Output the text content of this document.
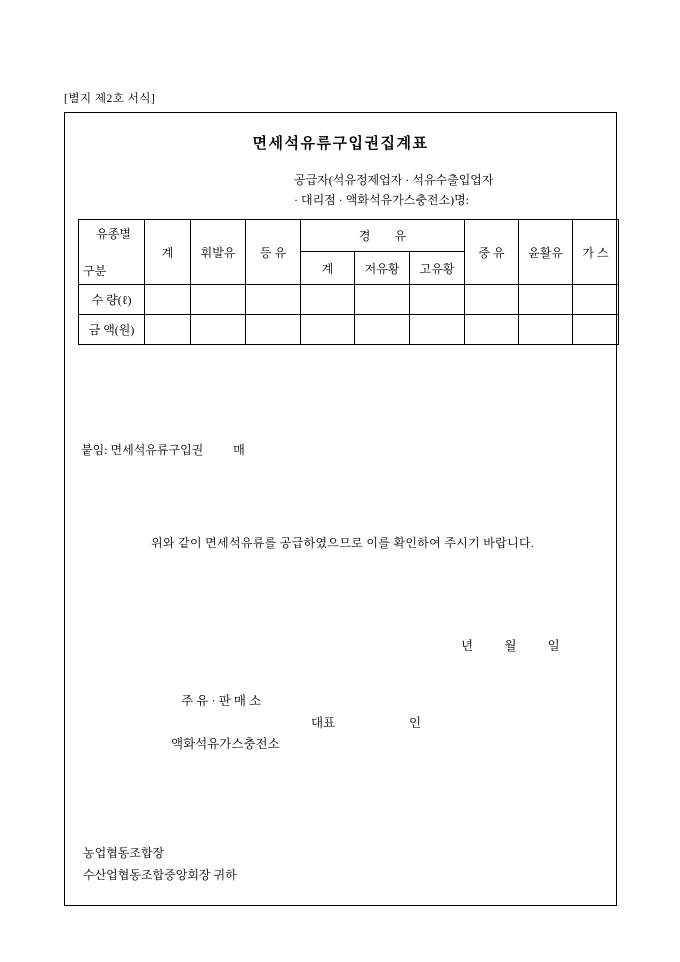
[별지 제2호 서식]
면세석유류구입권집계표
공급자(석유정제업자 · 석유수출입업자
· 대리점 · 액화석유가스충전소)명:
유종별
구분	계	휘발유	등 유	경        유			중 유	윤활유	가 스
				계	저유황	고유황			
수 량(ℓ)									
금 액(원)									
붙임: 면세석유류구입권          매
위와 같이 면세석유류를 공급하였으므로 이를 확인하여 주시기 바랍니다.
년          월          일
주 유 · 판 매 소
대표	인
액화석유가스충전소
농업협동조합장
수산업협동조합중앙회장 귀하
